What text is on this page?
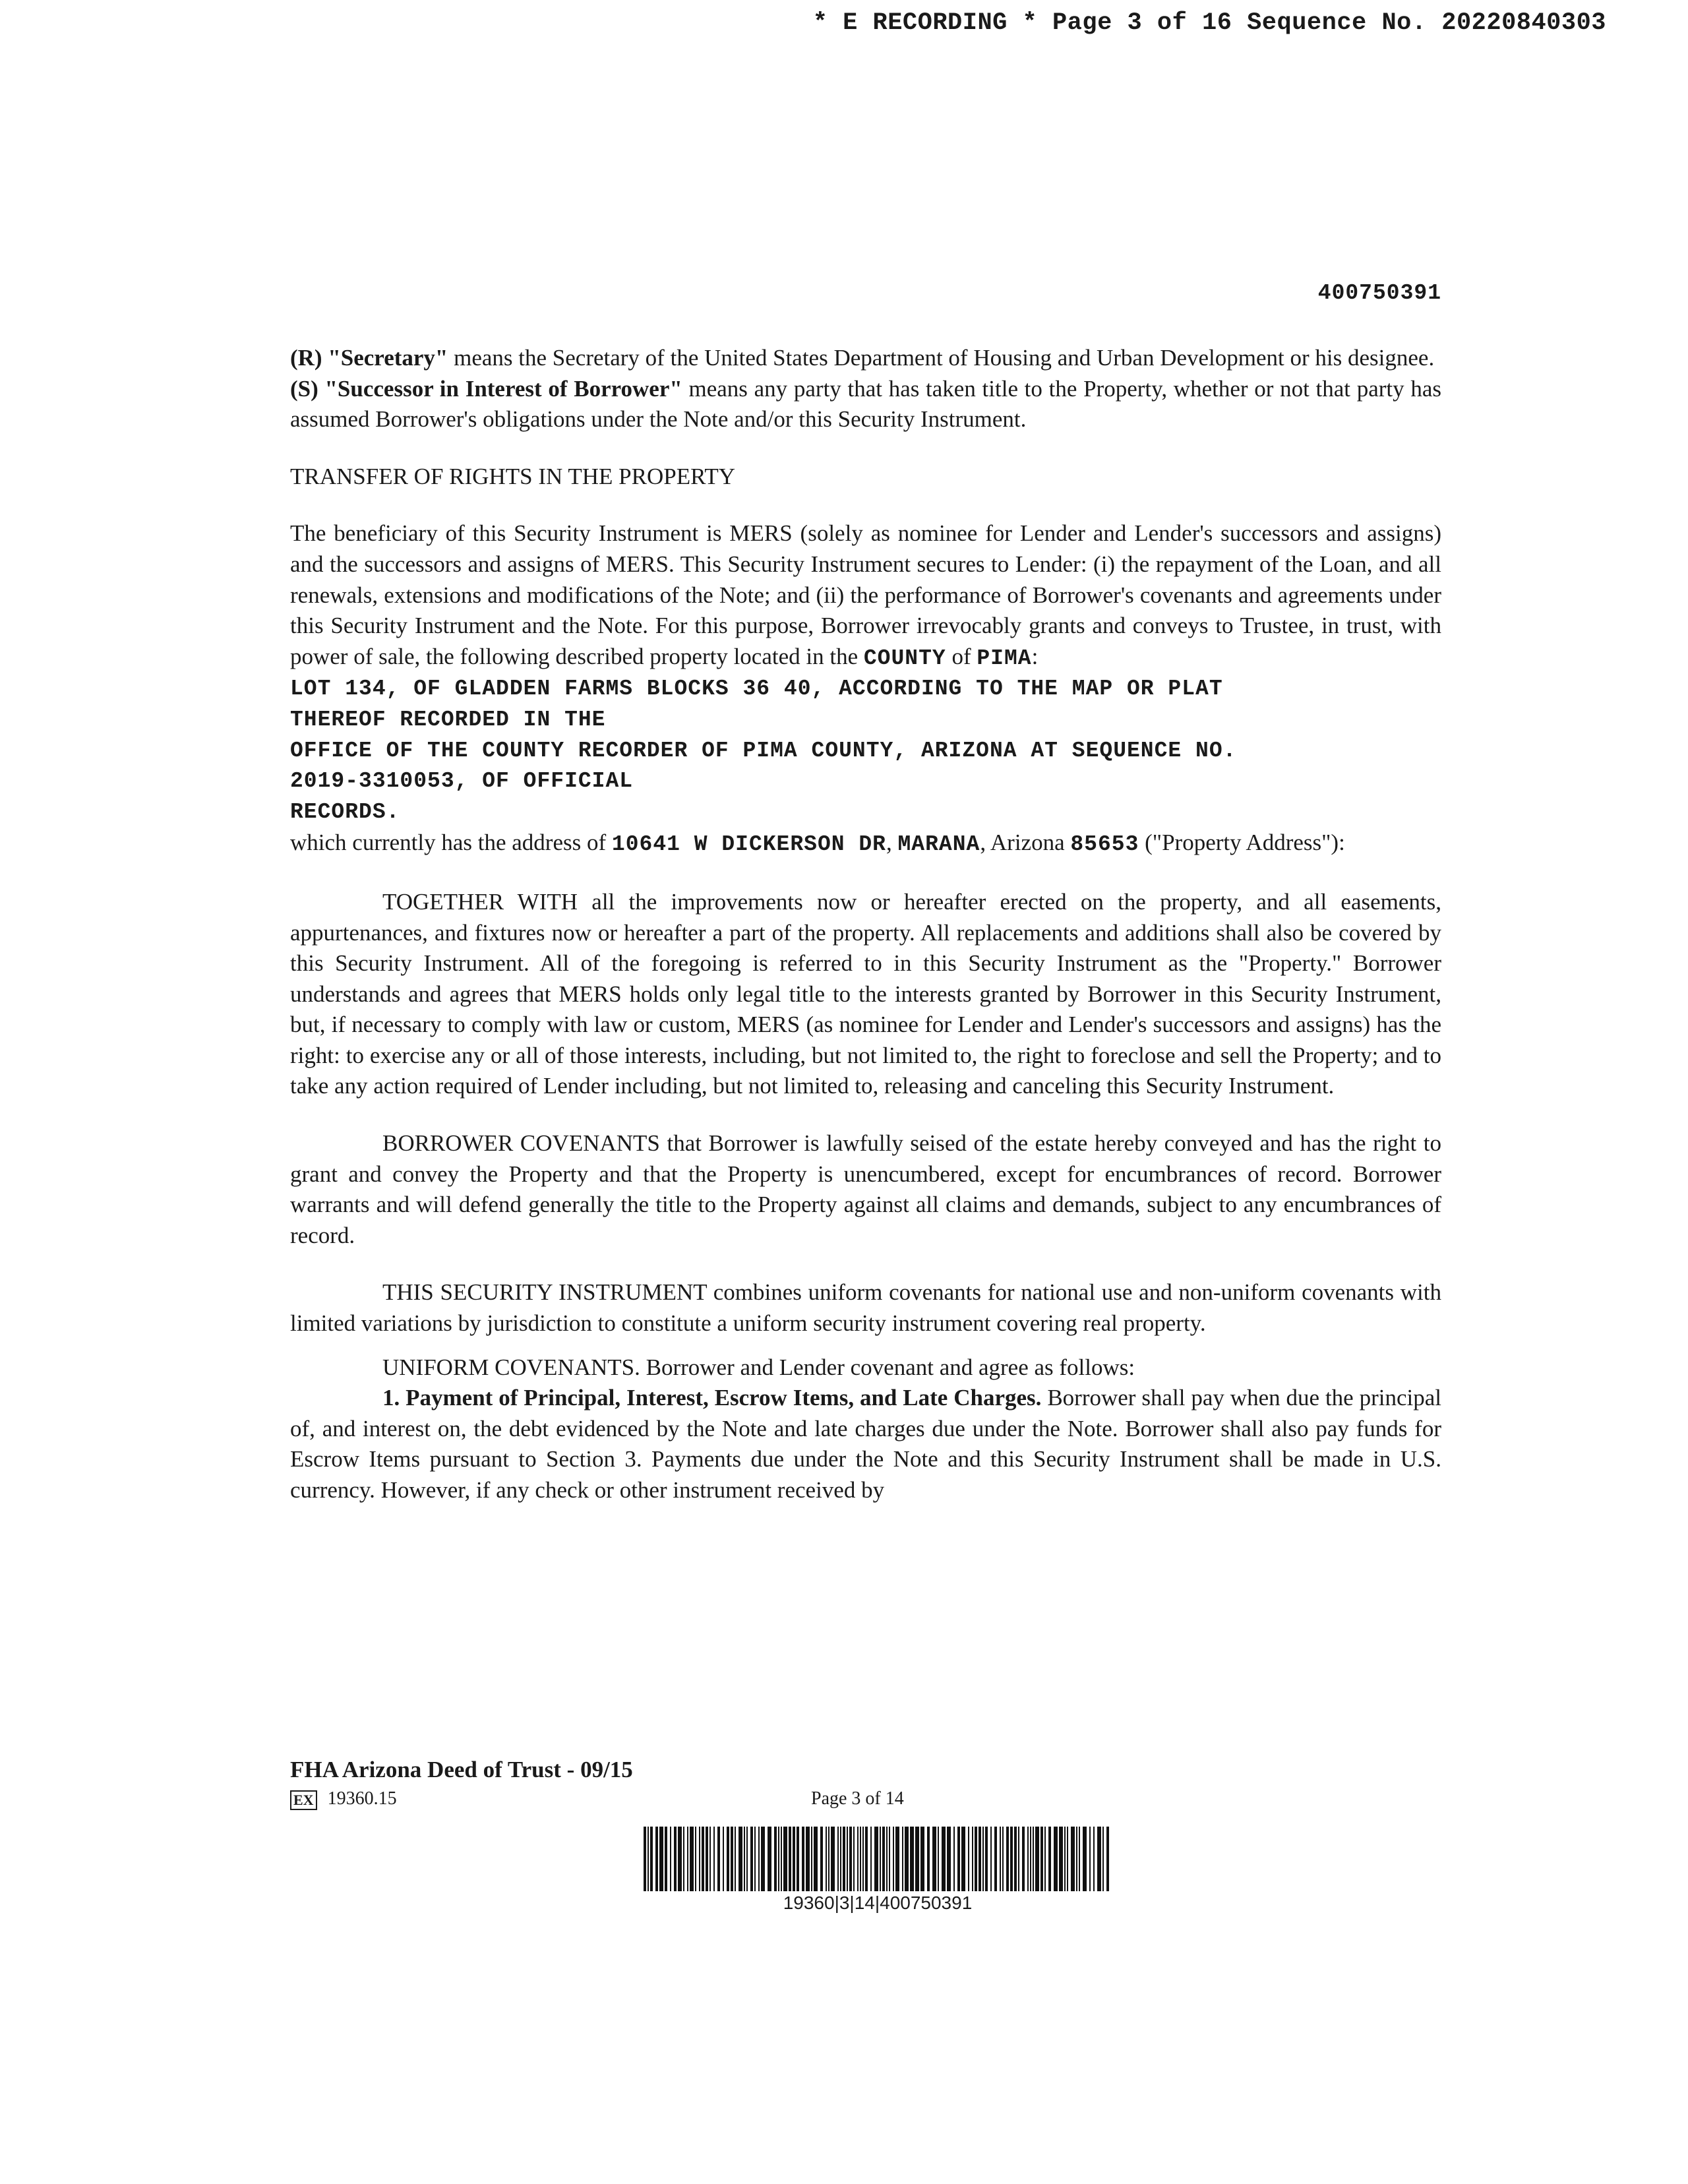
* E RECORDING * Page 3 of 16 Sequence No. 20220840303
400750391

(R) "Secretary" means the Secretary of the United States Department of Housing and Urban Development or his designee.

(S) "Successor in Interest of Borrower" means any party that has taken title to the Property, whether or not that party has assumed Borrower's obligations under the Note and/or this Security Instrument.

TRANSFER OF RIGHTS IN THE PROPERTY

The beneficiary of this Security Instrument is MERS (solely as nominee for Lender and Lender's successors and assigns) and the successors and assigns of MERS. This Security Instrument secures to Lender: (i) the repayment of the Loan, and all renewals, extensions and modifications of the Note; and (ii) the performance of Borrower's covenants and agreements under this Security Instrument and the Note. For this purpose, Borrower irrevocably grants and conveys to Trustee, in trust, with power of sale, the following described property located in the COUNTY of PIMA:

LOT 134, OF GLADDEN FARMS BLOCKS 36 40, ACCORDING TO THE MAP OR PLAT

THEREOF RECORDED IN THE

OFFICE OF THE COUNTY RECORDER OF PIMA COUNTY, ARIZONA AT SEQUENCE NO.

2019-3310053, OF OFFICIAL

RECORDS.

which currently has the address of 10641 W DICKERSON DR, MARANA, Arizona 85653 ("Property Address"):

TOGETHER WITH all the improvements now or hereafter erected on the property, and all easements, appurtenances, and fixtures now or hereafter a part of the property. All replacements and additions shall also be covered by this Security Instrument. All of the foregoing is referred to in this Security Instrument as the "Property." Borrower understands and agrees that MERS holds only legal title to the interests granted by Borrower in this Security Instrument, but, if necessary to comply with law or custom, MERS (as nominee for Lender and Lender's successors and assigns) has the right: to exercise any or all of those interests, including, but not limited to, the right to foreclose and sell the Property; and to take any action required of Lender including, but not limited to, releasing and canceling this Security Instrument.

BORROWER COVENANTS that Borrower is lawfully seised of the estate hereby conveyed and has the right to grant and convey the Property and that the Property is unencumbered, except for encumbrances of record. Borrower warrants and will defend generally the title to the Property against all claims and demands, subject to any encumbrances of record.

THIS SECURITY INSTRUMENT combines uniform covenants for national use and non-uniform covenants with limited variations by jurisdiction to constitute a uniform security instrument covering real property.

UNIFORM COVENANTS. Borrower and Lender covenant and agree as follows:

1. Payment of Principal, Interest, Escrow Items, and Late Charges. Borrower shall pay when due the principal of, and interest on, the debt evidenced by the Note and late charges due under the Note. Borrower shall also pay funds for Escrow Items pursuant to Section 3. Payments due under the Note and this Security Instrument shall be made in U.S. currency. However, if any check or other instrument received by

FHA Arizona Deed of Trust - 09/15
EX 19360.15	Page 3 of 14
19360|3|14|400750391
